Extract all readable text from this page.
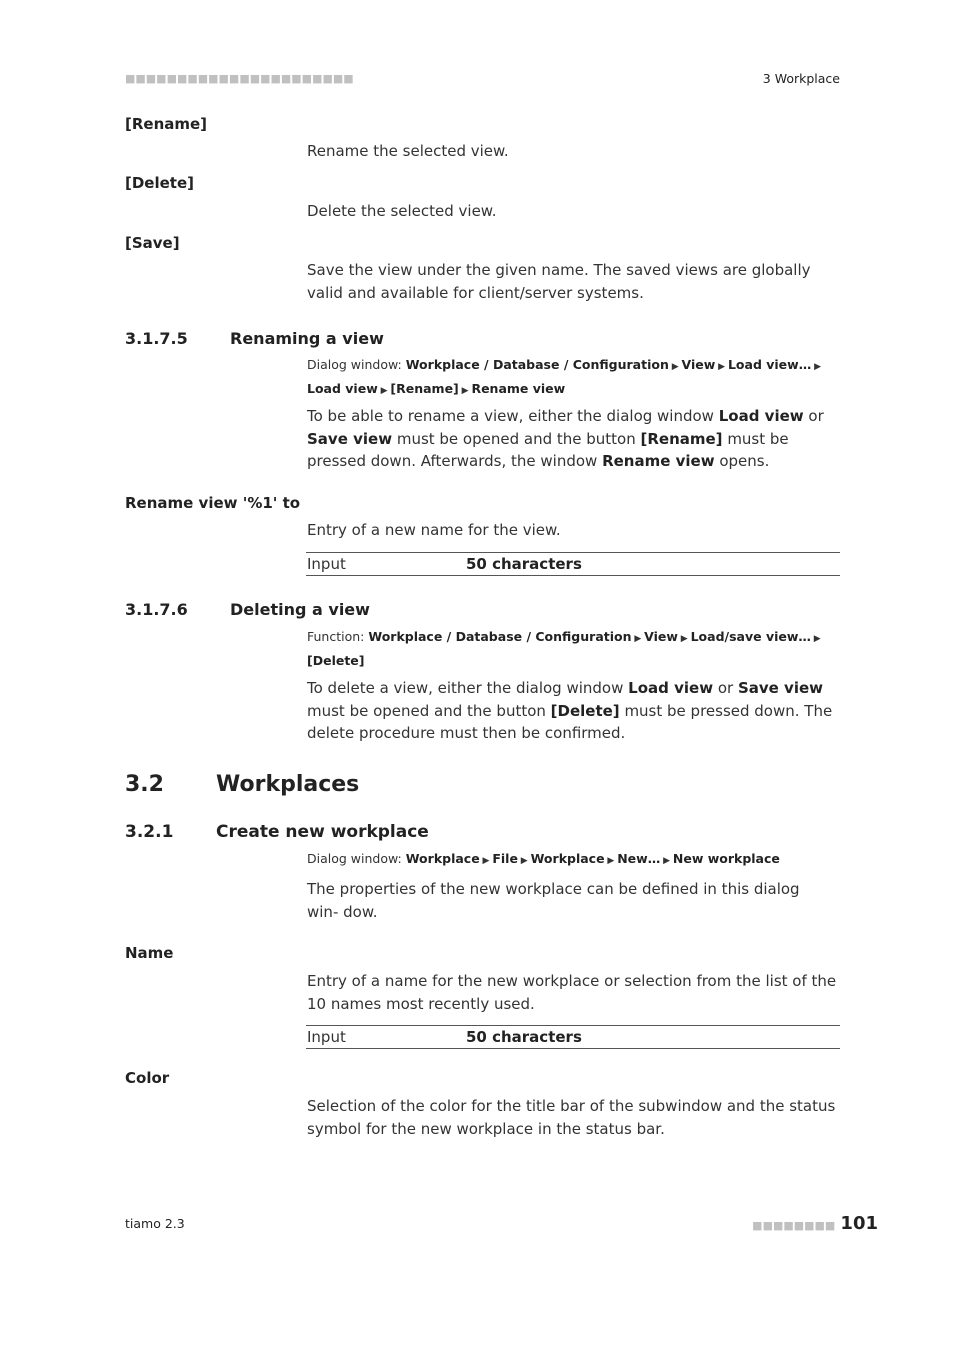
■■■■■■■■■■■■■■■■■■■■■■	3 Workplace
[Rename]
Rename the selected view.
[Delete]
Delete the selected view.
[Save]
Save the view under the given name. The saved views are globally valid and available for client/server systems.
3.1.7.5	Renaming a view
Dialog window: Workplace / Database / Configuration ▶ View ▶ Load view… ▶ Load view ▶ [Rename] ▶ Rename view
To be able to rename a view, either the dialog window Load view or Save view must be opened and the button [Rename] must be pressed down. Afterwards, the window Rename view opens.
Rename view '%1' to
Entry of a new name for the view.
Input	50 characters
3.1.7.6	Deleting a view
Function: Workplace / Database / Configuration ▶ View ▶ Load/save view… ▶ [Delete]
To delete a view, either the dialog window Load view or Save view must be opened and the button [Delete] must be pressed down. The delete procedure must then be confirmed.
3.2 Workplaces
3.2.1	Create new workplace
Dialog window: Workplace ▶ File ▶ Workplace ▶ New… ▶ New workplace
The properties of the new workplace can be defined in this dialog win- dow.
Name
Entry of a name for the new workplace or selection from the list of the 10 names most recently used.
Input	50 characters
Color
Selection of the color for the title bar of the subwindow and the status symbol for the new workplace in the status bar.
tiamo 2.3	■■■■■■■■ 101
